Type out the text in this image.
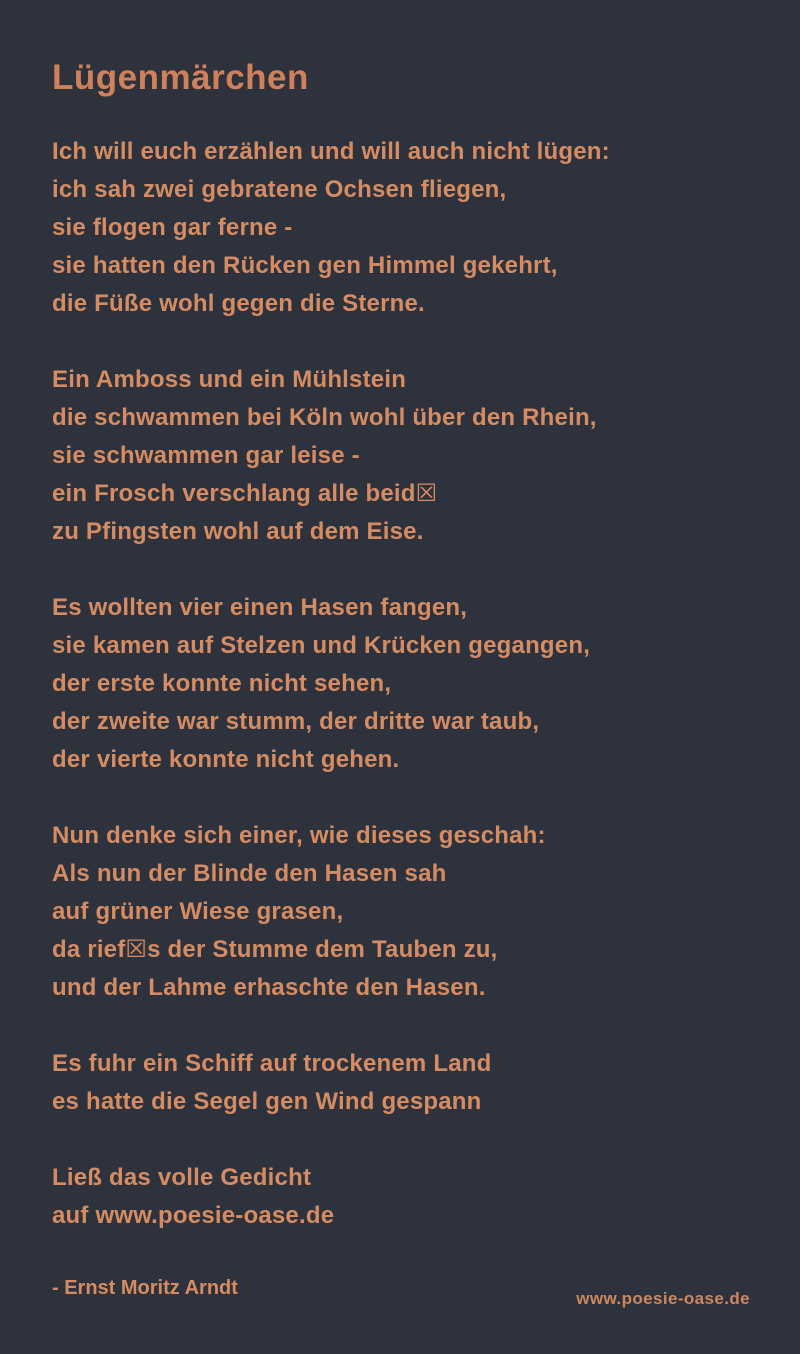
Lügenmärchen
Ich will euch erzählen und will auch nicht lügen:
ich sah zwei gebratene Ochsen fliegen,
sie flogen gar ferne -
sie hatten den Rücken gen Himmel gekehrt,
die Füße wohl gegen die Sterne.
Ein Amboss und ein Mühlstein
die schwammen bei Köln wohl über den Rhein,
sie schwammen gar leise -
ein Frosch verschlang alle beid☒
zu Pfingsten wohl auf dem Eise.
Es wollten vier einen Hasen fangen,
sie kamen auf Stelzen und Krücken gegangen,
der erste konnte nicht sehen,
der zweite war stumm, der dritte war taub,
der vierte konnte nicht gehen.
Nun denke sich einer, wie dieses geschah:
Als nun der Blinde den Hasen sah
auf grüner Wiese grasen,
da rief☒s der Stumme dem Tauben zu,
und der Lahme erhaschte den Hasen.
Es fuhr ein Schiff auf trockenem Land
es hatte die Segel gen Wind gespann
Ließ das volle Gedicht
auf www.poesie-oase.de
- Ernst Moritz Arndt	www.poesie-oase.de
